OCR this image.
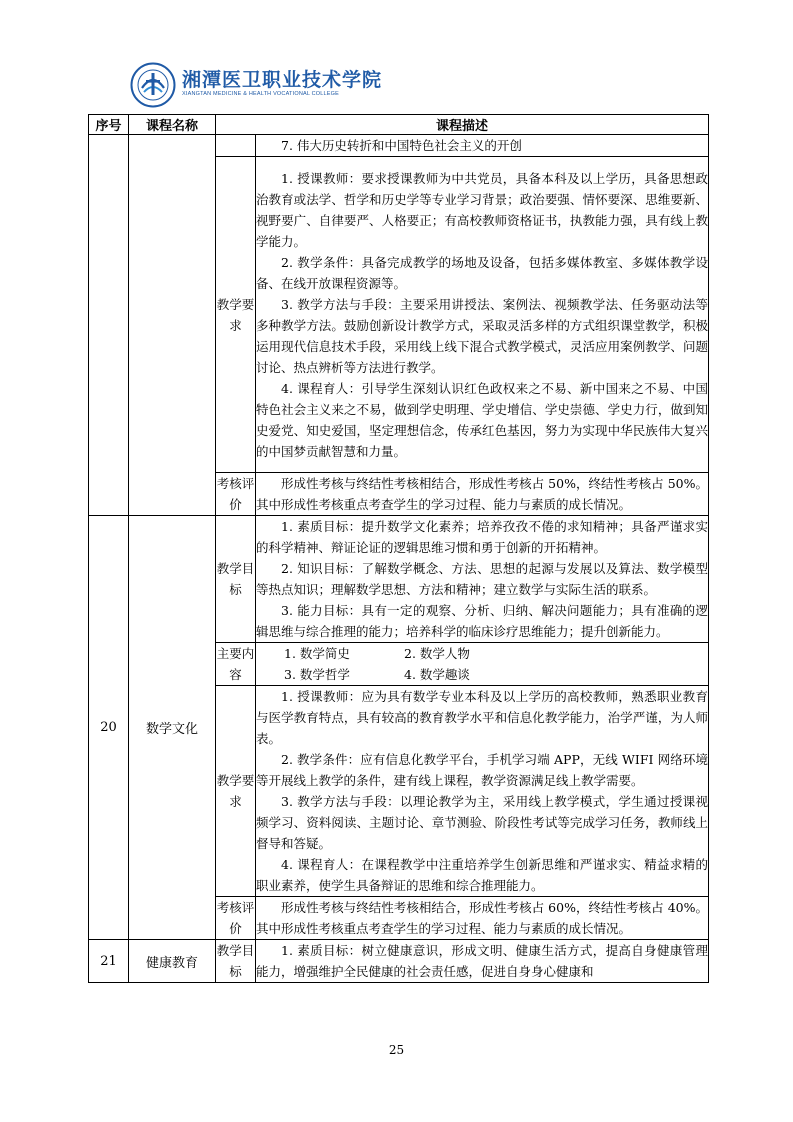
湘潭医卫职业技术学院
XIANGTAN MEDICINE & HEALTH VOCATIONAL COLLEGE
序号	课程名称	课程描述	

			7. 伟大历史转折和中国特色社会主义的开创

		教学要求	1. 授课教师：要求授课教师为中共党员，具备本科及以上学历，具备思想政治教育或法学、哲学和历史学等专业学习背景；政治要强、情怀要深、思维要新、视野要广、自律要严、人格要正；有高校教师资格证书，执教能力强，具有线上教学能力。

2. 教学条件：具备完成教学的场地及设备，包括多媒体教室、多媒体教学设备、在线开放课程资源等。

3. 教学方法与手段：主要采用讲授法、案例法、视频教学法、任务驱动法等多种教学方法。鼓励创新设计教学方式，采取灵活多样的方式组织课堂教学，积极运用现代信息技术手段，采用线上线下混合式教学模式，灵活应用案例教学、问题讨论、热点辨析等方法进行教学。

4. 课程育人：引导学生深刻认识红色政权来之不易、新中国来之不易、中国特色社会主义来之不易，做到学史明理、学史增信、学史崇德、学史力行，做到知史爱党、知史爱国，坚定理想信念，传承红色基因，努力为实现中华民族伟大复兴的中国梦贡献智慧和力量。

		考核评价	形成性考核与终结性考核相结合，形成性考核占 50%，终结性考核占 50%。其中形成性考核重点考查学生的学习过程、能力与素质的成长情况。

20	数学文化	教学目标	1. 素质目标：提升数学文化素养；培养孜孜不倦的求知精神；具备严谨求实的科学精神、辩证论证的逻辑思维习惯和勇于创新的开拓精神。

2. 知识目标：了解数学概念、方法、思想的起源与发展以及算法、数学模型等热点知识；理解数学思想、方法和精神；建立数学与实际生活的联系。

3. 能力目标：具有一定的观察、分析、归纳、解决问题能力；具有准确的逻辑思维与综合推理的能力；培养科学的临床诊疗思维能力；提升创新能力。

		主要内容	1. 数学简史 2. 数学人物
3. 数学哲学 4. 数学趣谈

		教学要求	1. 授课教师：应为具有数学专业本科及以上学历的高校教师，熟悉职业教育与医学教育特点，具有较高的教育教学水平和信息化教学能力，治学严谨，为人师表。

2. 教学条件：应有信息化教学平台，手机学习端 APP，无线 WIFI 网络环境等开展线上教学的条件，建有线上课程，教学资源满足线上教学需要。

3. 教学方法与手段：以理论教学为主，采用线上教学模式，学生通过授课视频学习、资料阅读、主题讨论、章节测验、阶段性考试等完成学习任务，教师线上督导和答疑。

4. 课程育人：在课程教学中注重培养学生创新思维和严谨求实、精益求精的职业素养，使学生具备辩证的思维和综合推理能力。

		考核评价	形成性考核与终结性考核相结合，形成性考核占 60%，终结性考核占 40%。其中形成性考核重点考查学生的学习过程、能力与素质的成长情况。

21	健康教育	教学目标	1. 素质目标：树立健康意识，形成文明、健康生活方式，提高自身健康管理能力，增强维护全民健康的社会责任感，促进自身身心健康和

25
